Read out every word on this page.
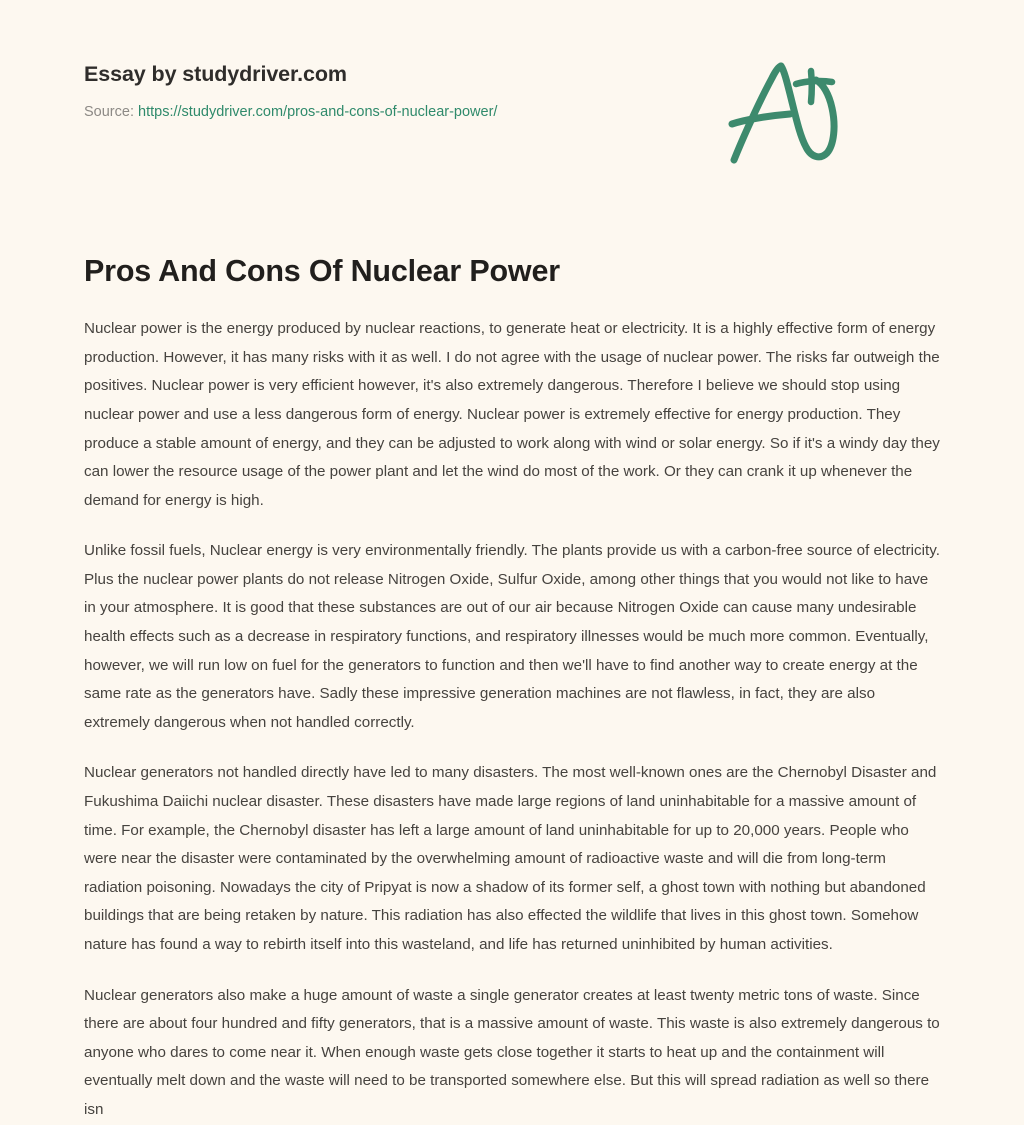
Essay by studydriver.com
Source: https://studydriver.com/pros-and-cons-of-nuclear-power/
Pros And Cons Of Nuclear Power

Nuclear power is the energy produced by nuclear reactions, to generate heat or electricity. It is a highly effective form of energy production. However, it has many risks with it as well. I do not agree with the usage of nuclear power. The risks far outweigh the positives. Nuclear power is very efficient however, it's also extremely dangerous. Therefore I believe we should stop using nuclear power and use a less dangerous form of energy. Nuclear power is extremely effective for energy production. They produce a stable amount of energy, and they can be adjusted to work along with wind or solar energy. So if it's a windy day they can lower the resource usage of the power plant and let the wind do most of the work. Or they can crank it up whenever the demand for energy is high.

Unlike fossil fuels, Nuclear energy is very environmentally friendly. The plants provide us with a carbon-free source of electricity. Plus the nuclear power plants do not release Nitrogen Oxide, Sulfur Oxide, among other things that you would not like to have in your atmosphere. It is good that these substances are out of our air because Nitrogen Oxide can cause many undesirable health effects such as a decrease in respiratory functions, and respiratory illnesses would be much more common. Eventually, however, we will run low on fuel for the generators to function and then we'll have to find another way to create energy at the same rate as the generators have. Sadly these impressive generation machines are not flawless, in fact, they are also extremely dangerous when not handled correctly.

Nuclear generators not handled directly have led to many disasters. The most well-known ones are the Chernobyl Disaster and Fukushima Daiichi nuclear disaster. These disasters have made large regions of land uninhabitable for a massive amount of time. For example, the Chernobyl disaster has left a large amount of land uninhabitable for up to 20,000 years. People who were near the disaster were contaminated by the overwhelming amount of radioactive waste and will die from long-term radiation poisoning. Nowadays the city of Pripyat is now a shadow of its former self, a ghost town with nothing but abandoned buildings that are being retaken by nature. This radiation has also effected the wildlife that lives in this ghost town. Somehow nature has found a way to rebirth itself into this wasteland, and life has returned uninhibited by human activities.

Nuclear generators also make a huge amount of waste a single generator creates at least twenty metric tons of waste. Since there are about four hundred and fifty generators, that is a massive amount of waste. This waste is also extremely dangerous to anyone who dares to come near it. When enough waste gets close together it starts to heat up and the containment will eventually melt down and the waste will need to be transported somewhere else. But this will spread radiation as well so there isn
